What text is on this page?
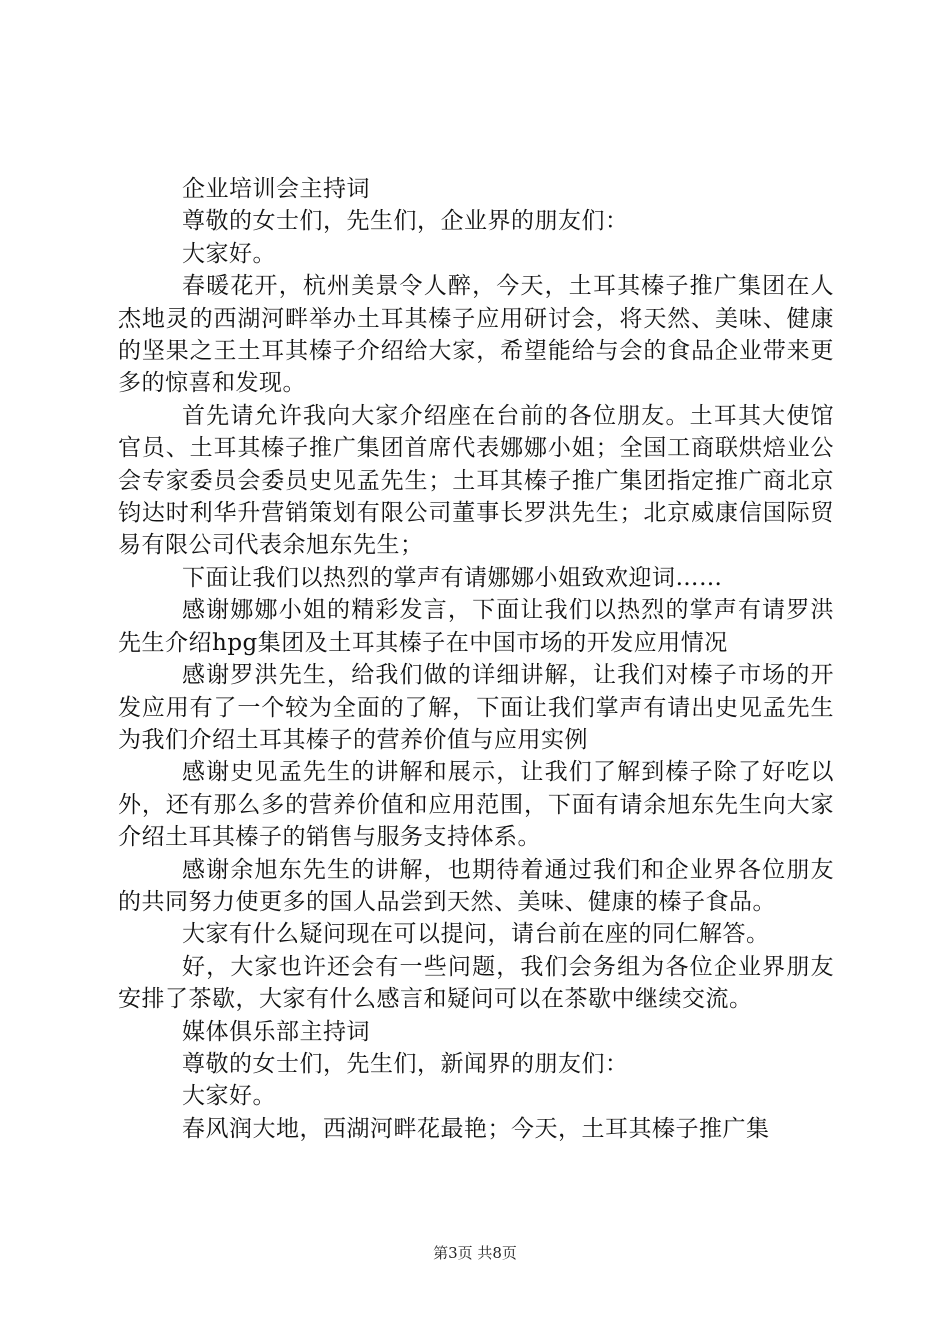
企业培训会主持词

尊敬的女士们，先生们，企业界的朋友们：

大家好。

春暖花开，杭州美景令人醉，今天，土耳其榛子推广集团在人杰地灵的西湖河畔举办土耳其榛子应用研讨会，将天然、美味、健康的坚果之王土耳其榛子介绍给大家，希望能给与会的食品企业带来更多的惊喜和发现。

首先请允许我向大家介绍座在台前的各位朋友。土耳其大使馆官员、土耳其榛子推广集团首席代表娜娜小姐；全国工商联烘焙业公会专家委员会委员史见孟先生；土耳其榛子推广集团指定推广商北京钧达时利华升营销策划有限公司董事长罗洪先生；北京威康信国际贸易有限公司代表余旭东先生；

下面让我们以热烈的掌声有请娜娜小姐致欢迎词……

感谢娜娜小姐的精彩发言，下面让我们以热烈的掌声有请罗洪先生介绍hpg集团及土耳其榛子在中国市场的开发应用情况

感谢罗洪先生，给我们做的详细讲解，让我们对榛子市场的开发应用有了一个较为全面的了解，下面让我们掌声有请出史见孟先生为我们介绍土耳其榛子的营养价值与应用实例

感谢史见孟先生的讲解和展示，让我们了解到榛子除了好吃以外，还有那么多的营养价值和应用范围，下面有请余旭东先生向大家介绍土耳其榛子的销售与服务支持体系。

感谢余旭东先生的讲解，也期待着通过我们和企业界各位朋友的共同努力使更多的国人品尝到天然、美味、健康的榛子食品。

大家有什么疑问现在可以提问，请台前在座的同仁解答。

好，大家也许还会有一些问题，我们会务组为各位企业界朋友安排了茶歇，大家有什么感言和疑问可以在茶歇中继续交流。

媒体俱乐部主持词

尊敬的女士们，先生们，新闻界的朋友们：

大家好。

春风润大地，西湖河畔花最艳；今天，土耳其榛子推广集

第3页 共8页
